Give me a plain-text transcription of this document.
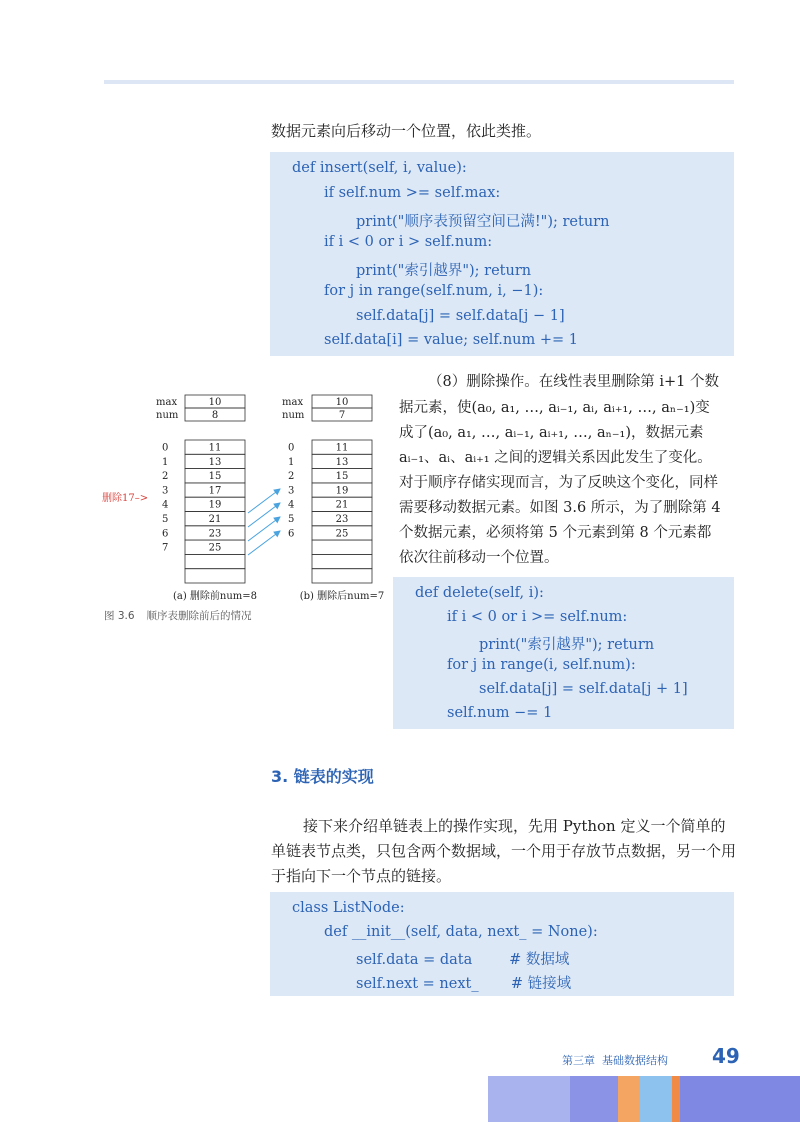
数据元素向后移动一个位置，依此类推。

def insert(self, i, value):
if self.num >= self.max:
print("顺序表预留空间已满!"); return
if i < 0 or i > self.num:
print("索引越界"); return
for j in range(self.num, i, −1):
self.data[j] = self.data[j − 1]
self.data[i] = value; self.num += 1

（8）删除操作。在线性表里删除第 i+1 个数

据元素，使(a₀, a₁, …, aᵢ₋₁, aᵢ, aᵢ₊₁, …, aₙ₋₁)变

成了(a₀, a₁, …, aᵢ₋₁, aᵢ₊₁, …, aₙ₋₁)，数据元素

aᵢ₋₁、aᵢ、aᵢ₊₁ 之间的逻辑关系因此发生了变化。

对于顺序存储实现而言，为了反映这个变化，同样

需要移动数据元素。如图 3.6 所示，为了删除第 4

个数据元素，必须将第 5 个元素到第 8 个元素都

依次往前移动一个位置。

max
num
10
8
0
1
2
3
4
5
6
7
11
13
15
17
19
21
23
25
(a) 删除前num=8
max
num
10
7
0
1
2
3
4
5
6
11
13
15
19
21
23
25
(b) 删除后num=7
删除17–>
图 3.6 顺序表删除前后的情况
def delete(self, i):
if i < 0 or i >= self.num:
print("索引越界"); return
for j in range(i, self.num):
self.data[j] = self.data[j + 1]
self.num −= 1
3. 链表的实现

接下来介绍单链表上的操作实现，先用 Python 定义一个简单的

单链表节点类，只包含两个数据域，一个用于存放节点数据，另一个用

于指向下一个节点的链接。

class ListNode:
def __init__(self, data, next_ = None):
self.data = data        # 数据域
self.next = next_       # 链接域
第三章 基础数据结构 49
